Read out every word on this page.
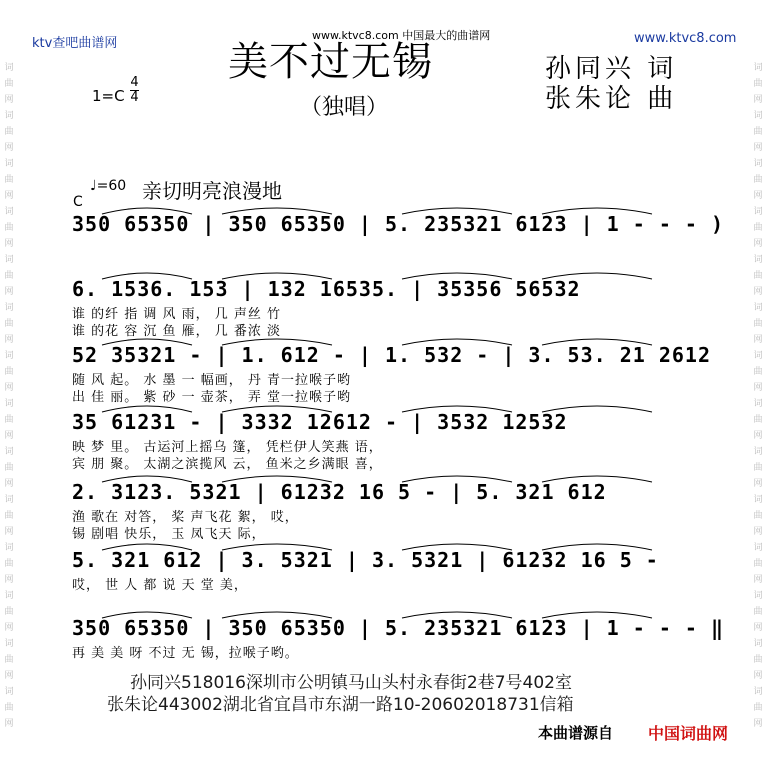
词
曲
网
词
曲
网
词
曲
网
词
曲
网
词
曲
网
词
曲
网
词
曲
网
词
曲
网
词
曲
网
词
曲
网
词
曲
网
词
曲
网
词
曲
网
词
曲
网
词
曲
网
词
曲
网
词
曲
网
词
曲
网
词
曲
网
词
曲
网
词
曲
网
词
曲
网
词
曲
网
词
曲
网
词
曲
网
词
曲
网
词
曲
网
词
曲
网
ktv查吧曲谱网
www.ktvc8.com 中国最大的曲谱网	www.ktvc8.com
美不过无锡
（独唱）
1=C
4
4
孙同兴 词
张朱论 曲
♩=60 亲切明亮浪漫地
C
350 65350 | 350 65350 | 5. 235321 6123 | 1 - - - )
6. 1536. 153 | 132 16535. | 35356 56532
谁 的纤 指 调 风 雨， 几 声丝 竹
谁 的花 容 沉 鱼 雁， 几 番浓 淡
52 35321 - | 1. 612 - | 1. 532 - | 3. 53. 21 2612
随 风 起。 水 墨 一 幅画， 丹 青一拉喉子哟
出 佳 丽。 紫 砂 一 壶茶， 弄 堂一拉喉子哟
35 61231 - | 3332 12612 - | 3532 12532
映 梦 里。 古运河上摇乌 篷， 凭栏伊人笑燕 语，
宾 朋 聚。 太湖之滨揽风 云， 鱼米之乡满眼 喜，
2. 3123. 5321 | 61232 16 5 - | 5. 321 612
渔 歌在 对答， 桨 声飞花 絮， 哎，
锡 剧唱 快乐， 玉 凤飞天 际，
5. 321 612 | 3. 5321 | 3. 5321 | 61232 16 5 -
哎， 世 人 都 说 天 堂 美，
350 65350 | 350 65350 | 5. 235321 6123 | 1 - - - ‖
再 美 美 呀 不过 无 锡，拉喉子哟。
孙同兴518016深圳市公明镇马山头村永春街2巷7号402室
张朱论443002湖北省宜昌市东湖一路10-20602018731信箱
本曲谱源自 中国词曲网
